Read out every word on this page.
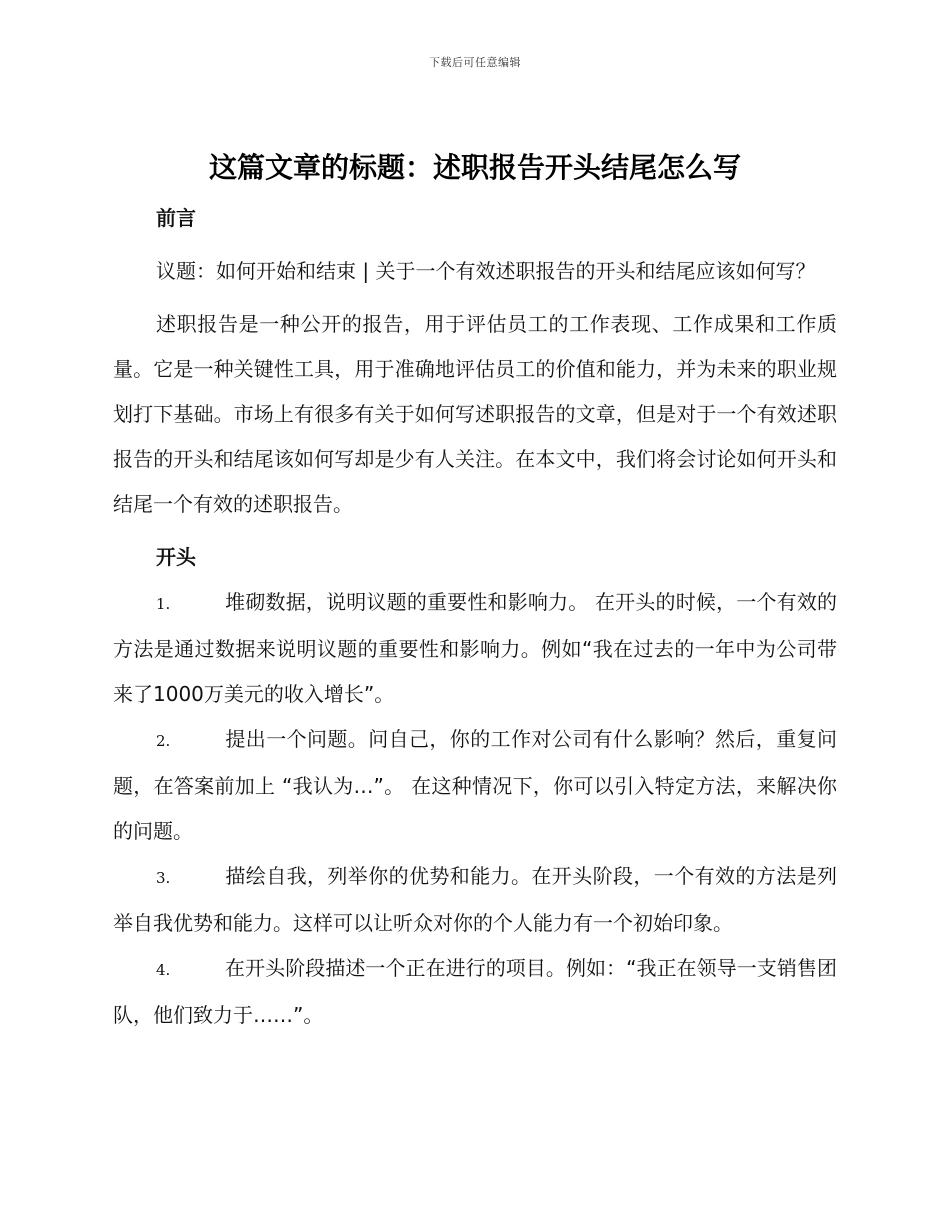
下载后可任意编辑
这篇文章的标题：述职报告开头结尾怎么写

前言

议题：如何开始和结束 | 关于一个有效述职报告的开头和结尾应该如何写？

述职报告是一种公开的报告，用于评估员工的工作表现、工作成果和工作质量。它是一种关键性工具，用于准确地评估员工的价值和能力，并为未来的职业规划打下基础。市场上有很多有关于如何写述职报告的文章，但是对于一个有效述职报告的开头和结尾该如何写却是少有人关注。在本文中，我们将会讨论如何开头和结尾一个有效的述职报告。

开头

1.	堆砌数据，说明议题的重要性和影响力。 在开头的时候，一个有效的方法是通过数据来说明议题的重要性和影响力。例如“我在过去的一年中为公司带来了1000万美元的收入增长”。

2.	提出一个问题。问自己，你的工作对公司有什么影响？然后，重复问题，在答案前加上 “我认为…”。 在这种情况下，你可以引入特定方法，来解决你的问题。

3.	描绘自我，列举你的优势和能力。在开头阶段，一个有效的方法是列举自我优势和能力。这样可以让听众对你的个人能力有一个初始印象。

4.	在开头阶段描述一个正在进行的项目。例如：“我正在领导一支销售团队，他们致力于……”。
